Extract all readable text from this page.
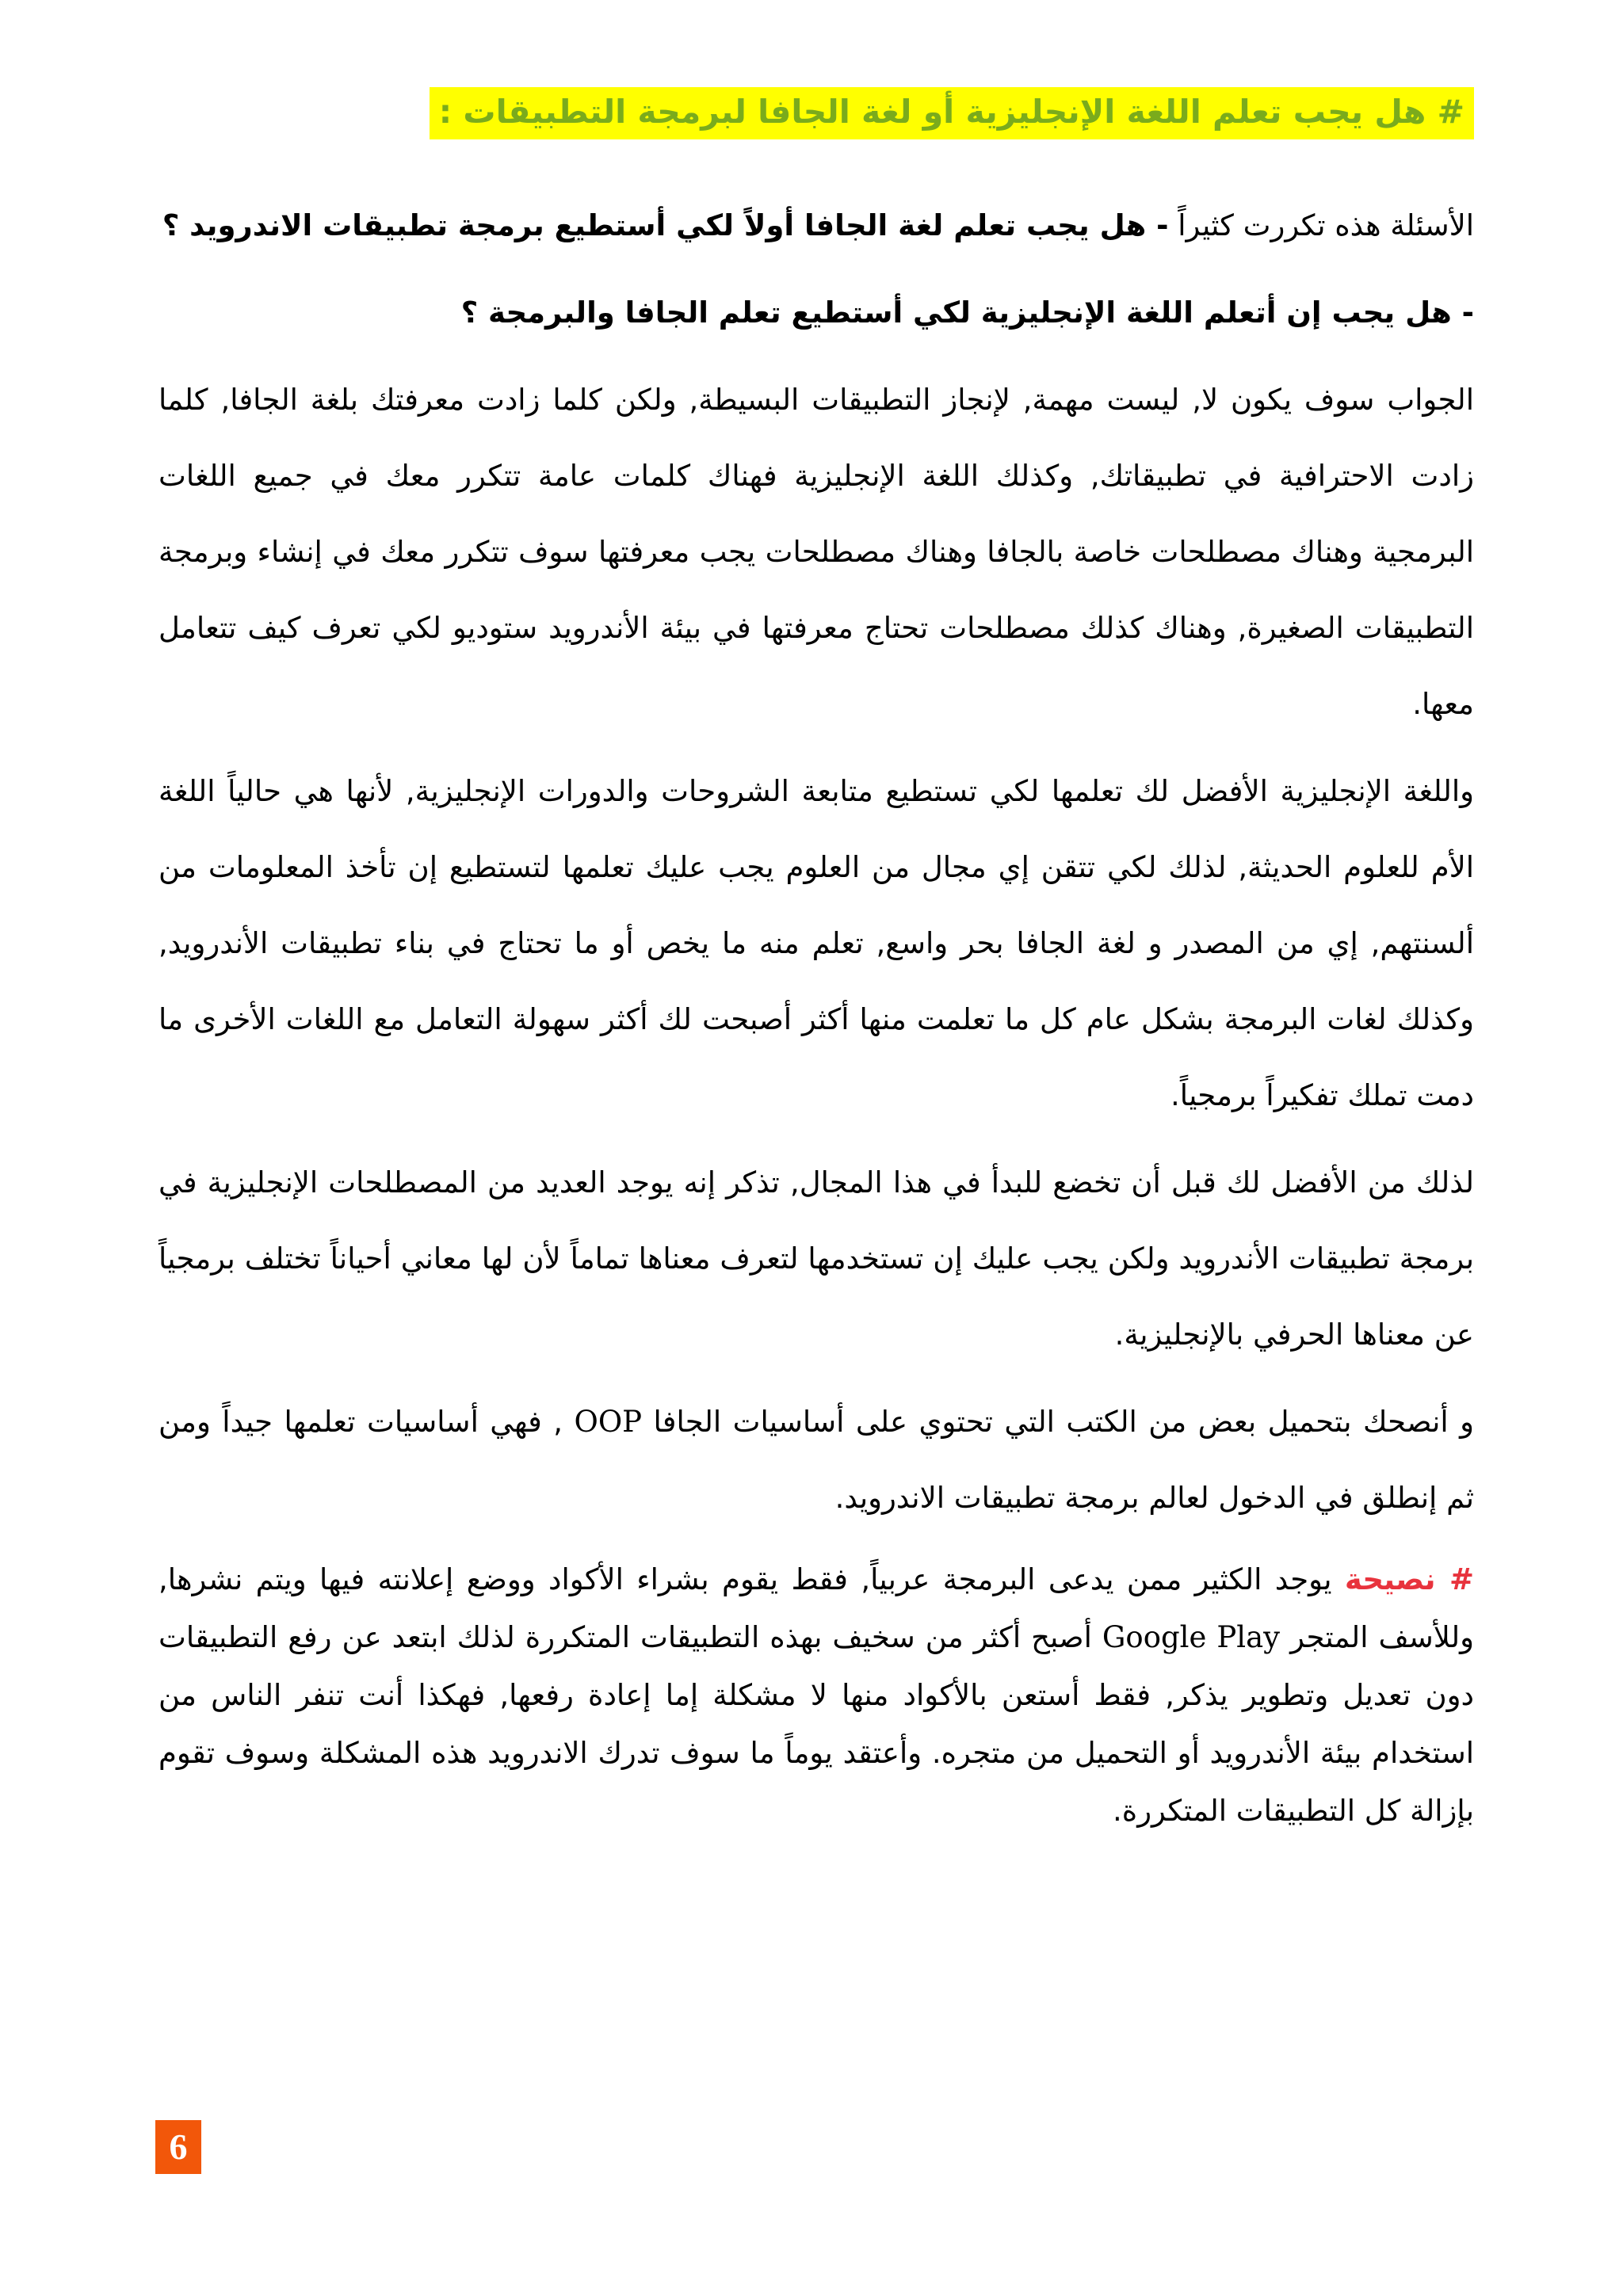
# هل يجب تعلم اللغة الإنجليزية أو لغة الجافا لبرمجة التطبيقات :

الأسئلة هذه تكررت كثيراً - هل يجب تعلم لغة الجافا أولاً لكي أستطيع برمجة تطبيقات الاندرويد ؟

- هل يجب إن أتعلم اللغة الإنجليزية لكي أستطيع تعلم الجافا والبرمجة ؟

الجواب سوف يكون لا, ليست مهمة, لإنجاز التطبيقات البسيطة, ولكن كلما زادت معرفتك بلغة الجافا, كلما زادت الاحترافية في تطبيقاتك, وكذلك اللغة الإنجليزية فهناك كلمات عامة تتكرر معك في جميع اللغات البرمجية وهناك مصطلحات خاصة بالجافا وهناك مصطلحات يجب معرفتها سوف تتكرر معك في إنشاء وبرمجة التطبيقات الصغيرة, وهناك كذلك مصطلحات تحتاج معرفتها في بيئة الأندرويد ستوديو لكي تعرف كيف تتعامل معها.

واللغة الإنجليزية الأفضل لك تعلمها لكي تستطيع متابعة الشروحات والدورات الإنجليزية, لأنها هي حالياً اللغة الأم للعلوم الحديثة, لذلك لكي تتقن إي مجال من العلوم يجب عليك تعلمها لتستطيع إن تأخذ المعلومات من ألسنتهم, إي من المصدر و لغة الجافا بحر واسع, تعلم منه ما يخص أو ما تحتاج في بناء تطبيقات الأندرويد, وكذلك لغات البرمجة بشكل عام كل ما تعلمت منها أكثر أصبحت لك أكثر سهولة التعامل مع اللغات الأخرى ما دمت تملك تفكيراً برمجياً.

لذلك من الأفضل لك قبل أن تخضع للبدأ في هذا المجال, تذكر إنه يوجد العديد من المصطلحات الإنجليزية في برمجة تطبيقات الأندرويد ولكن يجب عليك إن تستخدمها لتعرف معناها تماماً لأن لها معاني أحياناً تختلف برمجياً عن معناها الحرفي بالإنجليزية.

و أنصحك بتحميل بعض من الكتب التي تحتوي على أساسيات الجافا OOP , فهي أساسيات تعلمها جيداً ومن ثم إنطلق في الدخول لعالم برمجة تطبيقات الاندرويد.

# نصيحة يوجد الكثير ممن يدعى البرمجة عربياً, فقط يقوم بشراء الأكواد ووضع إعلانته فيها ويتم نشرها, وللأسف المتجر Google Play أصبح أكثر من سخيف بهذه التطبيقات المتكررة لذلك ابتعد عن رفع التطبيقات دون تعديل وتطوير يذكر, فقط أستعن بالأكواد منها لا مشكلة إما إعادة رفعها, فهكذا أنت تنفر الناس من استخدام بيئة الأندرويد أو التحميل من متجره. وأعتقد يوماً ما سوف تدرك الاندرويد هذه المشكلة وسوف تقوم بإزالة كل التطبيقات المتكررة.

6
